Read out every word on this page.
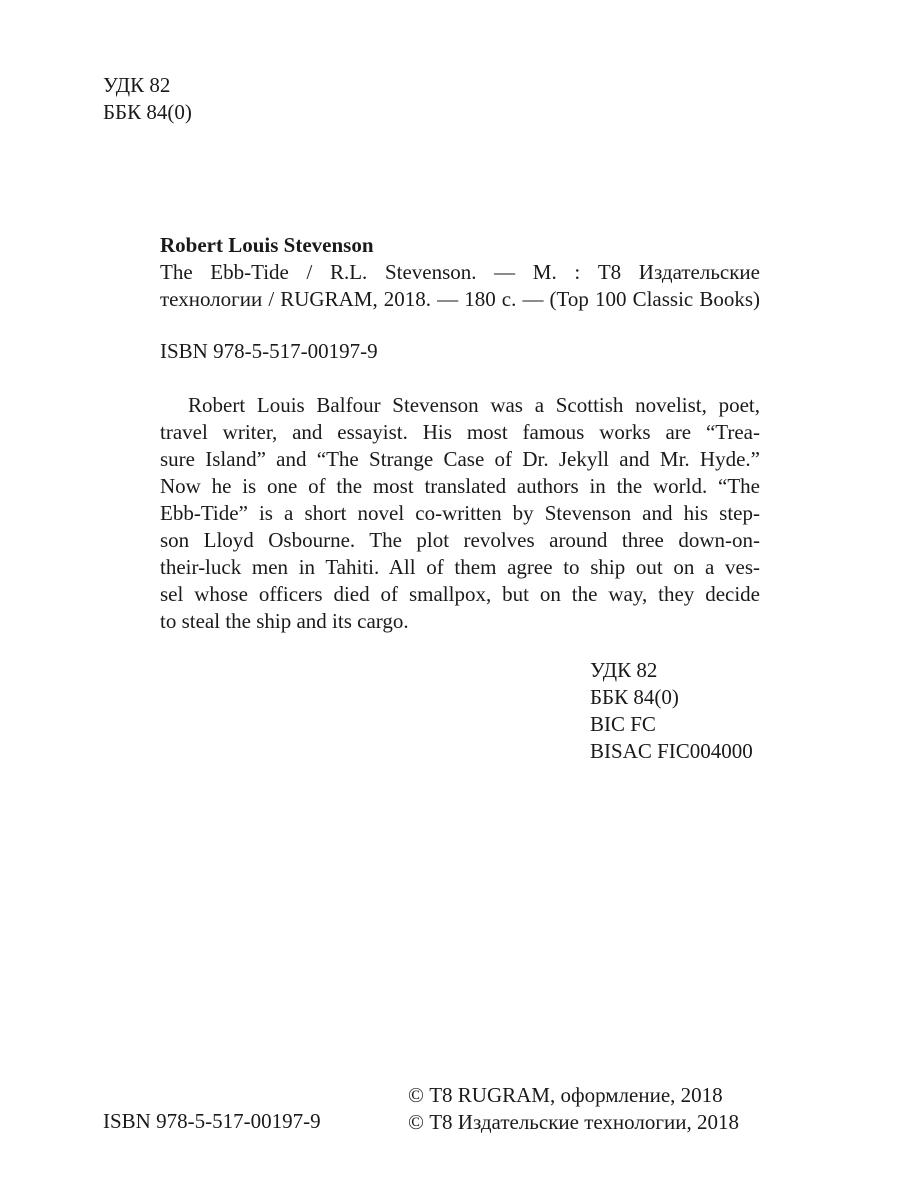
УДК 82
ББК 84(0)
Robert Louis Stevenson
The Ebb-Tide / R.L. Stevenson. — М. : Т8 Издательские
технологии / RUGRAM, 2018. — 180 с. — (Top 100 Classic Books)
ISBN 978-5-517-00197-9
Robert Louis Balfour Stevenson was a Scottish novelist, poet,
travel writer, and essayist. His most famous works are “Trea-
sure Island” and “The Strange Case of Dr. Jekyll and Mr. Hyde.”
Now he is one of the most translated authors in the world. “The
Ebb-Tide” is a short novel co-written by Stevenson and his step-
son Lloyd Osbourne. The plot revolves around three down-on-
their-luck men in Tahiti. All of them agree to ship out on a ves-
sel whose officers died of smallpox, but on the way, they decide
to steal the ship and its cargo.
УДК 82
ББК 84(0)
BIC FC
BISAC FIC004000
ISBN 978-5-517-00197-9
© Т8 RUGRAM, оформление, 2018
© Т8 Издательские технологии, 2018
